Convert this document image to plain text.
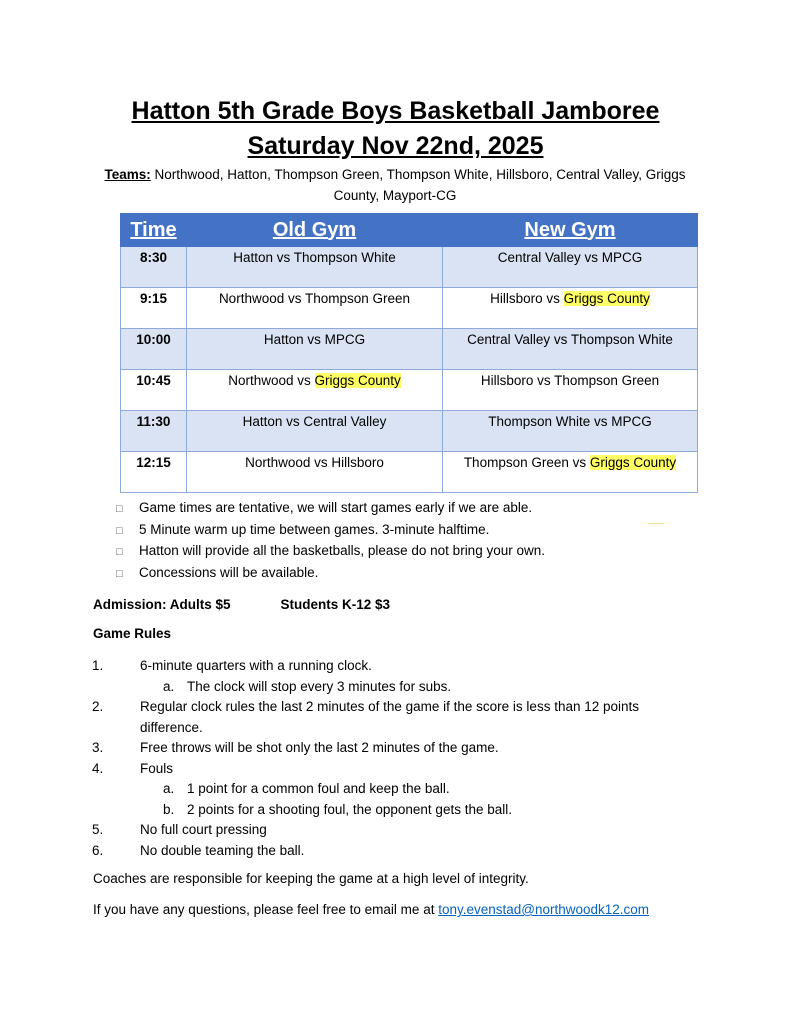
Hatton 5th Grade Boys Basketball Jamboree
Saturday Nov 22nd, 2025
Teams: Northwood, Hatton, Thompson Green, Thompson White, Hillsboro, Central Valley, Griggs County, Mayport-CG
Time	Old Gym	New Gym
8:30	Hatton vs Thompson White	Central Valley vs MPCG
9:15	Northwood vs Thompson Green	Hillsboro vs Griggs County
10:00	Hatton vs MPCG	Central Valley vs Thompson White
10:45	Northwood vs Griggs County	Hillsboro vs Thompson Green
11:30	Hatton vs Central Valley	Thompson White vs MPCG
12:15	Northwood vs Hillsboro	Thompson Green vs Griggs County
□ Game times are tentative, we will start games early if we are able.
□ 5 Minute warm up time between games. 3-minute halftime.
□ Hatton will provide all the basketballs, please do not bring your own.
□ Concessions will be available.
Admission: Adults $5	Students K-12 $3
Game Rules
1.	6-minute quarters with a running clock.
a. The clock will stop every 3 minutes for subs.
2.	Regular clock rules the last 2 minutes of the game if the score is less than 12 points difference.
3.	Free throws will be shot only the last 2 minutes of the game.
4.	Fouls
a. 1 point for a common foul and keep the ball.
b. 2 points for a shooting foul, the opponent gets the ball.
5.	No full court pressing
6.	No double teaming the ball.
Coaches are responsible for keeping the game at a high level of integrity.
If you have any questions, please feel free to email me at tony.evenstad@northwoodk12.com
